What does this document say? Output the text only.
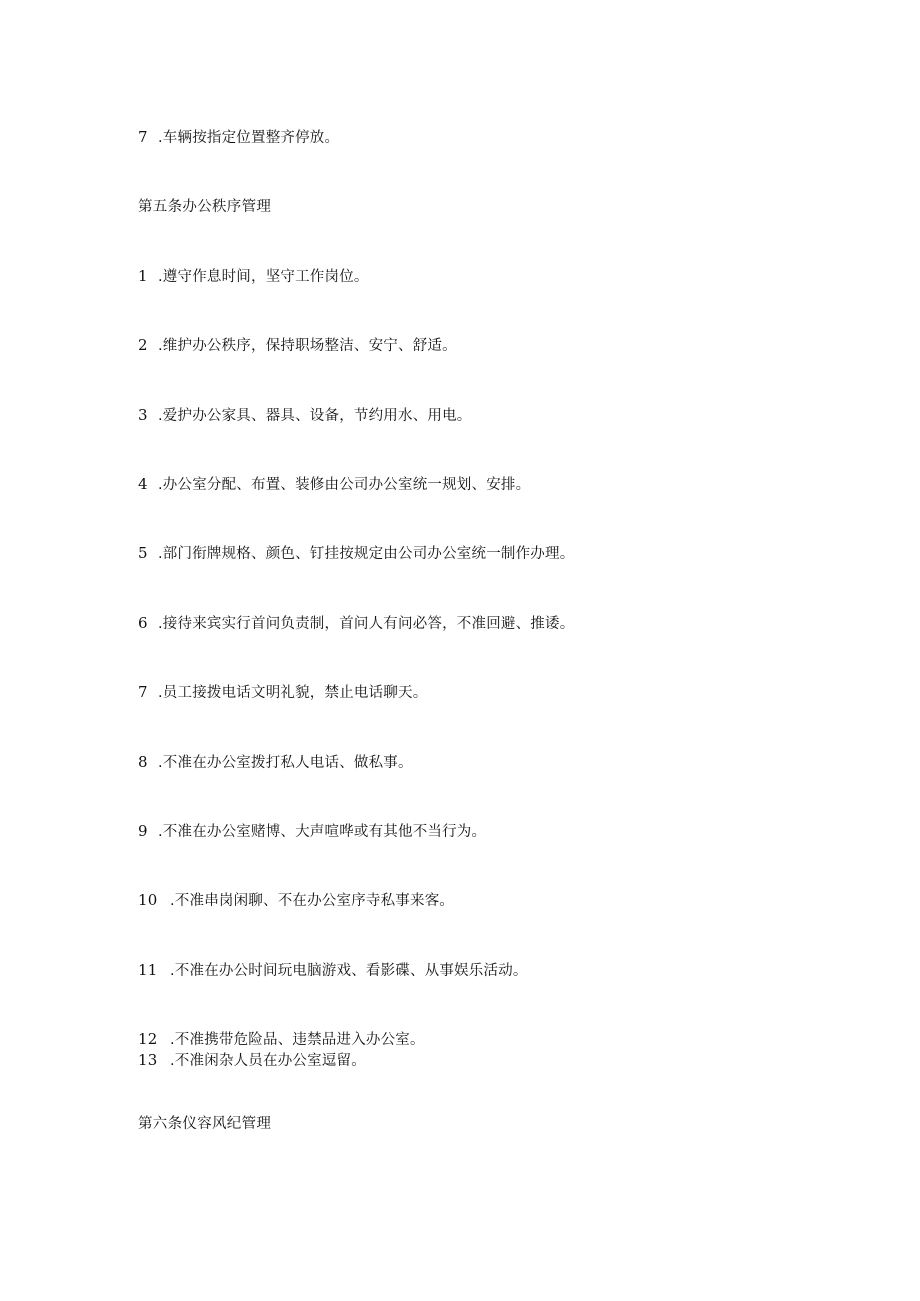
7 .车辆按指定位置整齐停放。
第五条办公秩序管理
1 .遵守作息时间，坚守工作岗位。
2 .维护办公秩序，保持职场整洁、安宁、舒适。
3 .爱护办公家具、器具、设备，节约用水、用电。
4 .办公室分配、布置、装修由公司办公室统一规划、安排。
5 .部门衔牌规格、颜色、钉挂按规定由公司办公室统一制作办理。
6 .接待来宾实行首问负责制，首问人有问必答，不准回避、推诿。
7 .员工接拨电话文明礼貌，禁止电话聊天。
8 .不准在办公室拨打私人电话、做私事。
9 .不准在办公室赌博、大声喧哗或有其他不当行为。
10 .不准串岗闲聊、不在办公室序寺私事来客。
11 .不准在办公时间玩电脑游戏、看影碟、从事娱乐活动。
12 .不准携带危险品、违禁品进入办公室。
13 .不准闲杂人员在办公室逗留。
第六条仪容风纪管理
